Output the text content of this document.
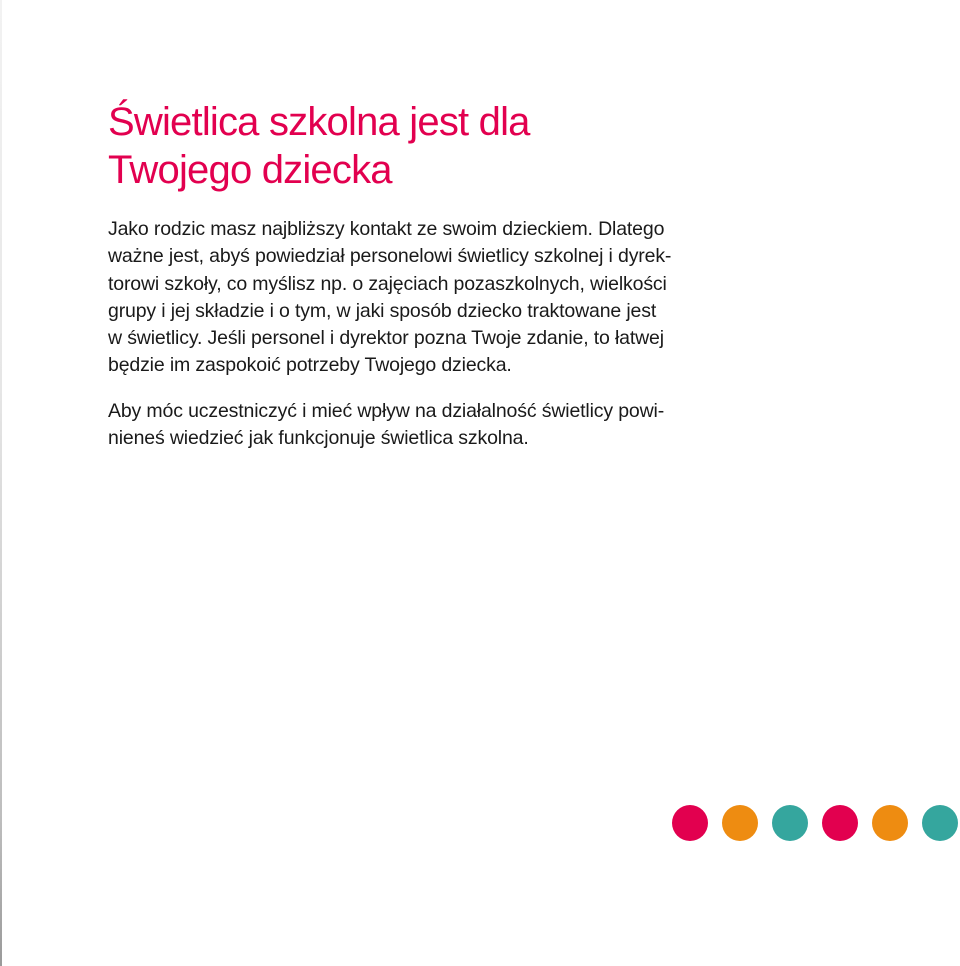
Świetlica szkolna jest dla
Twojego dziecka

Jako rodzic masz najbliższy kontakt ze swoim dzieckiem. Dlatego
ważne jest, abyś powiedział personelowi świetlicy szkolnej i dyrek-
torowi szkoły, co myślisz np. o zajęciach pozaszkolnych, wielkości
grupy i jej składzie i o tym, w jaki sposób dziecko traktowane jest
w świetlicy. Jeśli personel i dyrektor pozna Twoje zdanie, to łatwej
będzie im zaspokoić potrzeby Twojego dziecka.

Aby móc uczestniczyć i mieć wpływ na działalność świetlicy powi-
nieneś wiedzieć jak funkcjonuje świetlica szkolna.
